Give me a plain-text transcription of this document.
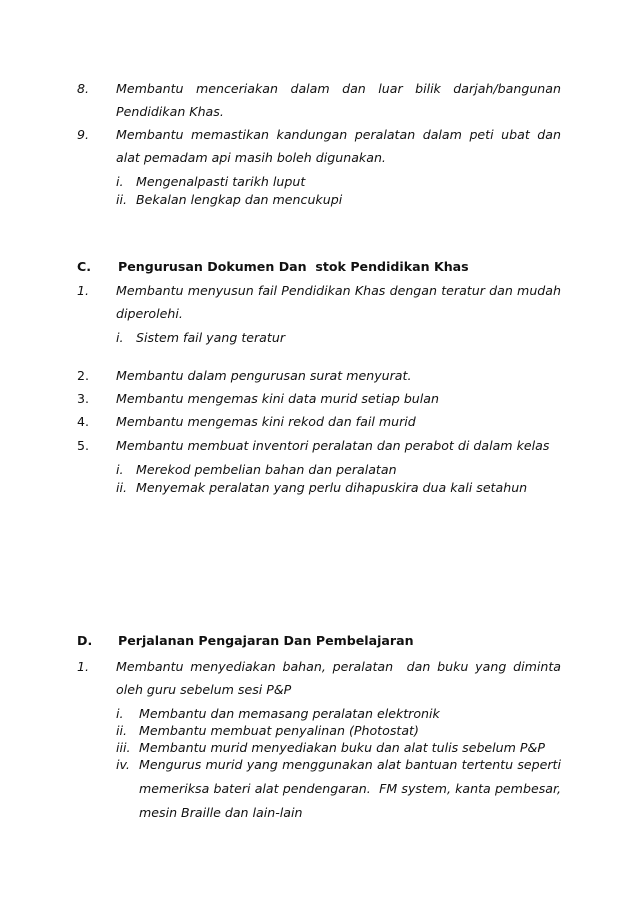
8. Membantu menceriakan dalam dan luar bilik darjah/bangunan
Pendidikan Khas.
9. Membantu memastikan kandungan peralatan dalam peti ubat dan
alat pemadam api masih boleh digunakan.
i. Mengenalpasti tarikh luput
ii. Bekalan lengkap dan mencukupi
C. Pengurusan Dokumen Dan  stok Pendidikan Khas
1. Membantu menyusun fail Pendidikan Khas dengan teratur dan mudah
diperolehi.
i. Sistem fail yang teratur
2. Membantu dalam pengurusan surat menyurat.
3. Membantu mengemas kini data murid setiap bulan
4. Membantu mengemas kini rekod dan fail murid
5. Membantu membuat inventori peralatan dan perabot di dalam kelas
i. Merekod pembelian bahan dan peralatan
ii. Menyemak peralatan yang perlu dihapuskira dua kali setahun
D. Perjalanan Pengajaran Dan Pembelajaran
1. Membantu menyediakan bahan, peralatan  dan buku yang diminta
oleh guru sebelum sesi P&P
i. Membantu dan memasang peralatan elektronik
ii. Membantu membuat penyalinan (Photostat)
iii. Membantu murid menyediakan buku dan alat tulis sebelum P&P
iv. Mengurus murid yang menggunakan alat bantuan tertentu seperti
memeriksa bateri alat pendengaran.  FM system, kanta pembesar,
mesin Braille dan lain-lain
